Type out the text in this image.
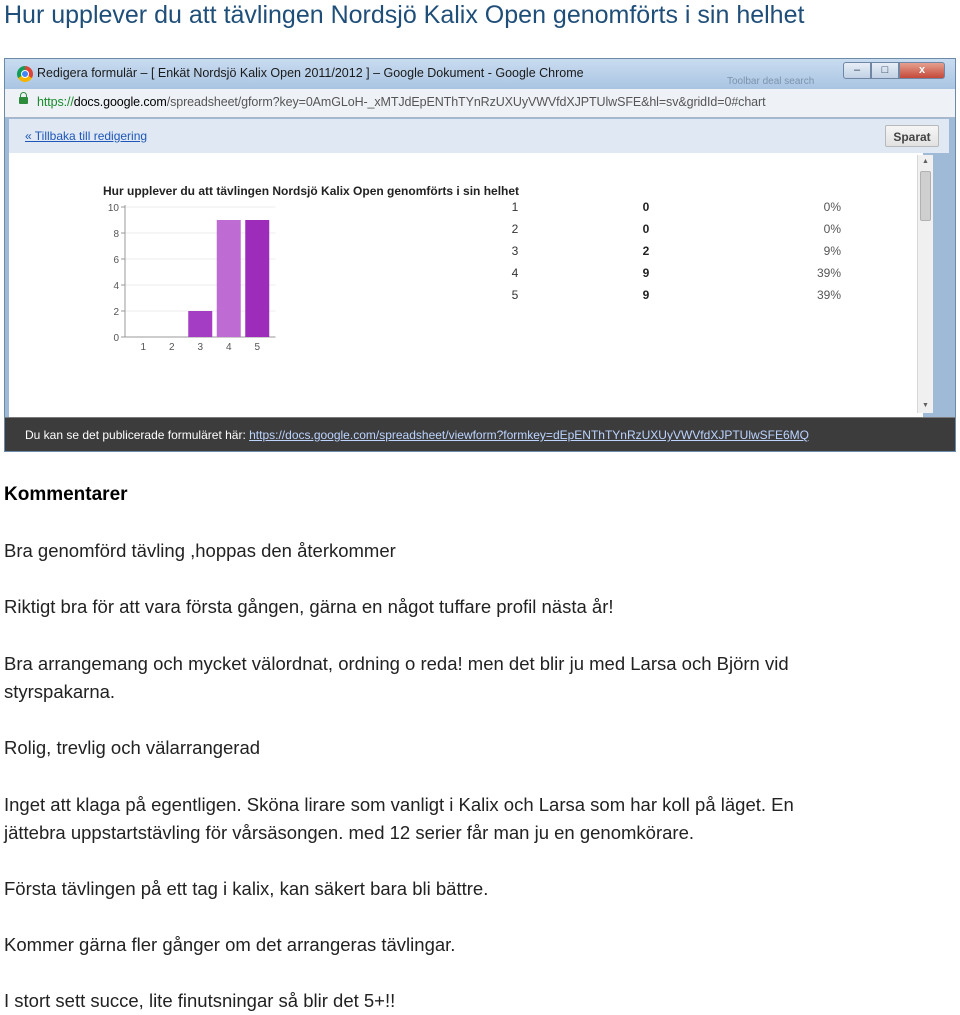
Hur upplever du att tävlingen Nordsjö Kalix Open genomförts i sin helhet
Redigera formulär – [ Enkät Nordsjö Kalix Open 2011/2012 ] – Google Dokument - Google Chrome
Toolbar deal search
–	□	x
https://docs.google.com/spreadsheet/gform?key=0AmGLoH-_xMTJdEpENThTYnRzUXUyVWVfdXJPTUlwSFE&hl=sv&gridId=0#chart
« Tillbaka till redigering	Sparat
▲
▼
Hur upplever du att tävlingen Nordsjö Kalix Open genomförts i sin helhet
0
2
4
6
8
10
1 2 3 4 5
1	0	0%
2	0	0%
3	2	9%
4	9	39%
5	9	39%
Du kan se det publicerade formuläret här: https://docs.google.com/spreadsheet/viewform?formkey=dEpENThTYnRzUXUyVWVfdXJPTUlwSFE6MQ
Kommentarer
Bra genomförd tävling ,hoppas den återkommer
Riktigt bra för att vara första gången, gärna en något tuffare profil nästa år!
Bra arrangemang och mycket välordnat, ordning o reda! men det blir ju med Larsa och Björn vid
styrspakarna.
Rolig, trevlig och välarrangerad
Inget att klaga på egentligen. Sköna lirare som vanligt i Kalix och Larsa som har koll på läget. En
jättebra uppstartstävling för vårsäsongen. med 12 serier får man ju en genomkörare.
Första tävlingen på ett tag i kalix, kan säkert bara bli bättre.
Kommer gärna fler gånger om det arrangeras tävlingar.
I stort sett succe, lite finutsningar så blir det 5+!!
